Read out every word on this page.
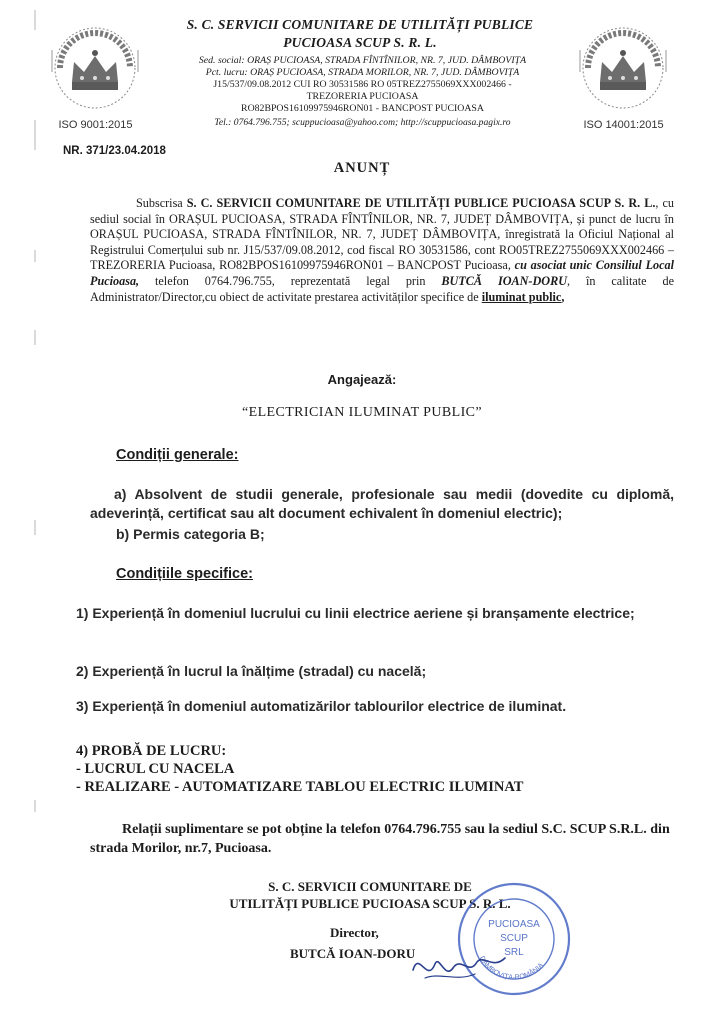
ISO 9001:2015
S. C. SERVICII COMUNITARE DE UTILITĂȚI PUBLICE
PUCIOASA SCUP S. R. L.
Sed. social: ORAȘ PUCIOASA, STRADA FÎNTÎNILOR, NR. 7, JUD. DÂMBOVIȚA
Pct. lucru: ORAȘ PUCIOASA, STRADA MORILOR, NR. 7, JUD. DÂMBOVIȚA
J15/537/09.08.2012 CUI RO 30531586 RO 05TREZ2755069XXX002466 -
TREZORERIA PUCIOASA
RO82BPOS16109975946RON01 - BANCPOST PUCIOASA
Tel.: 0764.796.755; scuppucioasa@yahoo.com; http://scuppucioasa.pagix.ro	ISO 14001:2015
NR. 371/23.04.2018
ANUNȚ
Subscrisa S. C. SERVICII COMUNITARE DE UTILITĂȚI PUBLICE PUCIOASA SCUP S. R. L., cu sediul social în ORAȘUL PUCIOASA, STRADA FÎNTÎNILOR, NR. 7, JUDEȚ DÂMBOVIȚA, și punct de lucru în ORAȘUL PUCIOASA, STRADA FÎNTÎNILOR, NR. 7, JUDEȚ DÂMBOVIȚA, înregistrată la Oficiul Național al Registrului Comerțului sub nr. J15/537/09.08.2012, cod fiscal RO 30531586, cont RO05TREZ2755069XXX002466 – TREZORERIA Pucioasa, RO82BPOS16109975946RON01 – BANCPOST Pucioasa, cu asociat unic Consiliul Local Pucioasa, telefon 0764.796.755, reprezentată legal prin BUTCĂ IOAN-DORU, în calitate de Administrator/Director,cu obiect de activitate prestarea activităților specifice de iluminat public,
Angajează:
“ELECTRICIAN ILUMINAT PUBLIC”
Condiții generale:
a) Absolvent de studii generale, profesionale sau medii (dovedite cu diplomă, adeverință, certificat sau alt document echivalent în domeniul electric);
b) Permis categoria B;
Condițiile specifice:
1) Experiență în domeniul lucrului cu linii electrice aeriene și branșamente electrice;
2) Experiență în lucrul la înălțime (stradal) cu nacelă;
3) Experiență în domeniul automatizărilor tablourilor electrice de iluminat.
4) PROBĂ DE LUCRU:
- LUCRUL CU NACELA
- REALIZARE - AUTOMATIZARE TABLOU ELECTRIC ILUMINAT
Relații suplimentare se pot obține la telefon 0764.796.755 sau la sediul S.C. SCUP S.R.L. din strada Morilor, nr.7, Pucioasa.
S. C. SERVICII COMUNITARE DE
UTILITĂȚI PUBLICE PUCIOASA SCUP S. R. L.
Director,
BUTCĂ IOAN-DORU
PUCIOASA
SCUP
SRL
DÂMBOVIȚA-ROMÂNIA
